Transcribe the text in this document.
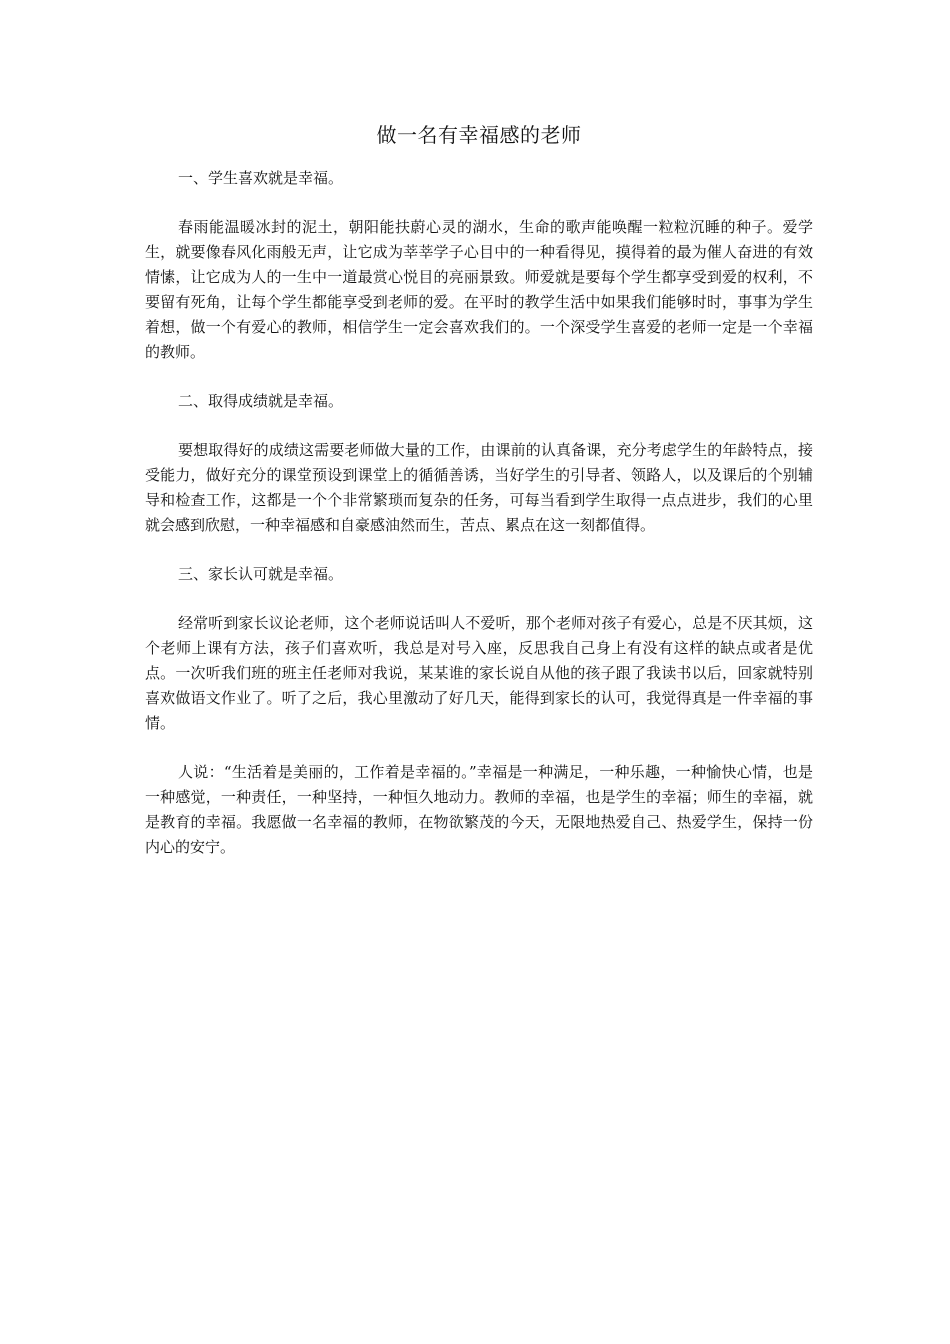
做一名有幸福感的老师

一、学生喜欢就是幸福。

春雨能温暖冰封的泥土，朝阳能扶蔚心灵的湖水，生命的歌声能唤醒一粒粒沉睡的种子。爱学生，就要像春风化雨般无声，让它成为莘莘学子心目中的一种看得见，摸得着的最为催人奋进的有效情愫，让它成为人的一生中一道最赏心悦目的亮丽景致。师爱就是要每个学生都享受到爱的权利，不要留有死角，让每个学生都能享受到老师的爱。在平时的教学生活中如果我们能够时时，事事为学生着想，做一个有爱心的教师，相信学生一定会喜欢我们的。一个深受学生喜爱的老师一定是一个幸福的教师。

二、取得成绩就是幸福。

要想取得好的成绩这需要老师做大量的工作，由课前的认真备课，充分考虑学生的年龄特点，接受能力，做好充分的课堂预设到课堂上的循循善诱，当好学生的引导者、领路人，以及课后的个别辅导和检查工作，这都是一个个非常繁琐而复杂的任务，可每当看到学生取得一点点进步，我们的心里就会感到欣慰，一种幸福感和自豪感油然而生，苦点、累点在这一刻都值得。

三、家长认可就是幸福。

经常听到家长议论老师，这个老师说话叫人不爱听，那个老师对孩子有爱心，总是不厌其烦，这个老师上课有方法，孩子们喜欢听，我总是对号入座，反思我自己身上有没有这样的缺点或者是优点。一次听我们班的班主任老师对我说，某某谁的家长说自从他的孩子跟了我读书以后，回家就特别喜欢做语文作业了。听了之后，我心里激动了好几天，能得到家长的认可，我觉得真是一件幸福的事情。

人说：“生活着是美丽的，工作着是幸福的。”幸福是一种满足，一种乐趣，一种愉快心情，也是一种感觉，一种责任，一种坚持，一种恒久地动力。教师的幸福，也是学生的幸福；师生的幸福，就是教育的幸福。我愿做一名幸福的教师，在物欲繁茂的今天，无限地热爱自己、热爱学生，保持一份内心的安宁。
